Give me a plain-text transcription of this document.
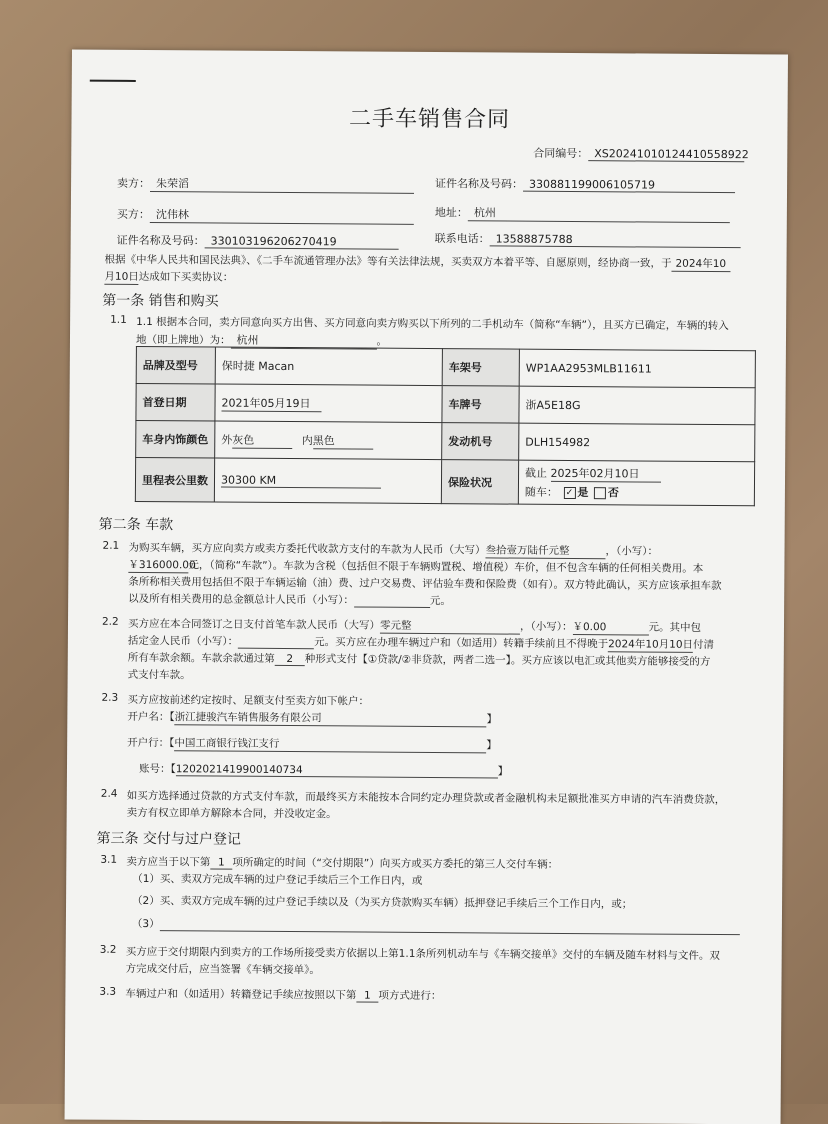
二手车销售合同
合同编号： XS20241010124410558922
卖方： 朱荣滔	证件名称及号码： 330881199006105719
买方： 沈伟林	地址： 杭州
证件名称及号码： 330103196206270419	联系电话： 13588875788
根据《中华人民共和国民法典》、《二手车流通管理办法》等有关法律法规，买卖双方本着平等、自愿原则，经协商一致，于 2024年10
月10日达成如下买卖协议：
第一条 销售和购买
1.1 1.1 根据本合同，卖方同意向买方出售、买方同意向卖方购买以下所列的二手机动车（简称“车辆”），且买方已确定，车辆的转入
地（即上牌地）为： 杭州	。
品牌及型号	保时捷 Macan	车架号	WP1AA2953MLB11611
首登日期	2021年05月19日	车牌号	浙A5E18G
车身内饰颜色	外灰色 内黑色	发动机号	DLH154982
里程表公里数	30300 KM	保险状况	截止 2025年02月10日
随车： ✓ 是 否
第二条 车款
2.1 为购买车辆，买方应向卖方或卖方委托代收款方支付的车款为人民币（大写）叁拾壹万陆仟元整	，（小写）：
￥316000.00元，（简称“车款”）。车款为含税（包括但不限于车辆购置税、增值税）车价，但不包含车辆的任何相关费用。本
条所称相关费用包括但不限于车辆运输（油）费、过户交易费、评估验车费和保险费（如有）。双方特此确认，买方应该承担车款
以及所有相关费用的总金额总计人民币（小写）：	元。
2.2 买方应在本合同签订之日支付首笔车款人民币（大写）零元整	，（小写）：￥0.00	元。其中包
括定金人民币（小写）：	元。买方应在办理车辆过户和（如适用）转籍手续前且不得晚于2024年10月10日付清
所有车款余额。车款余款通过第 2 种形式支付【①贷款/②非贷款，两者二选一】。买方应该以电汇或其他卖方能够接受的方
式支付车款。
2.3 买方应按前述约定按时、足额支付至卖方如下帐户：
开户名：【浙江捷骏汽车销售服务有限公司	】
开户行：【中国工商银行钱江支行	】
账号：【1202021419900140734	】
2.4 如买方选择通过贷款的方式支付车款，而最终买方未能按本合同约定办理贷款或者金融机构未足额批准买方申请的汽车消费贷款，
卖方有权立即单方解除本合同，并没收定金。
第三条 交付与过户登记
3.1 卖方应当于以下第 1 项所确定的时间（“交付期限”）向买方或买方委托的第三人交付车辆：
（1）买、卖双方完成车辆的过户登记手续后三个工作日内，或
（2）买、卖双方完成车辆的过户登记手续以及（为买方贷款购买车辆）抵押登记手续后三个工作日内，或；
（3）
3.2 买方应于交付期限内到卖方的工作场所接受卖方依据以上第1.1条所列机动车与《车辆交接单》交付的车辆及随车材料与文件。双
方完成交付后，应当签署《车辆交接单》。
3.3 车辆过户和（如适用）转籍登记手续应按照以下第 1 项方式进行：
